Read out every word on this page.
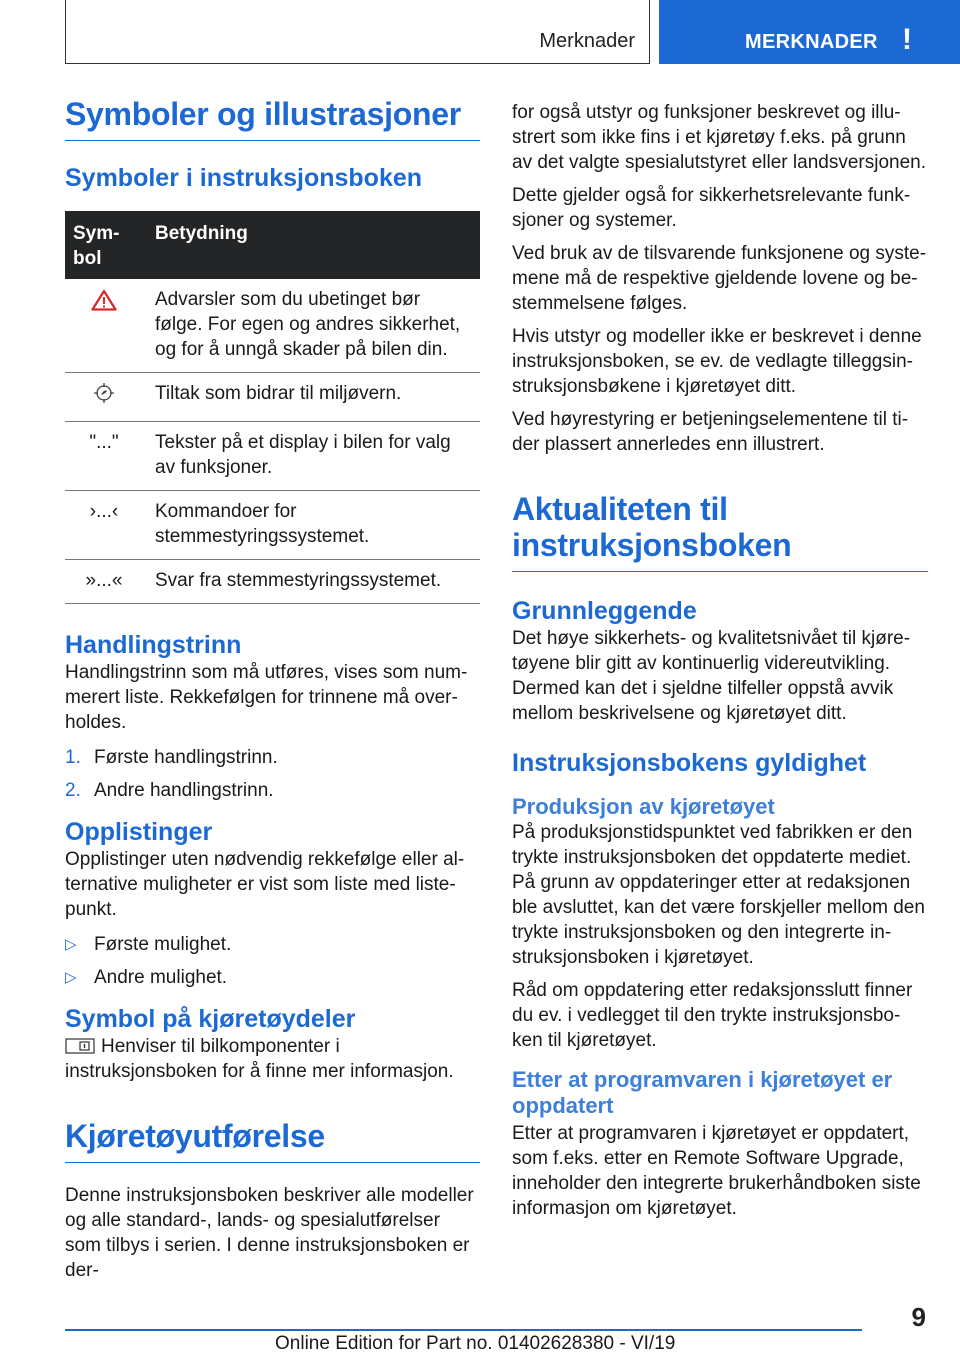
Merknader	MERKNADER !
Symboler og illustrasjoner
Symboler i instruksjonsboken
Sym-
bol	Betydning
	Advarsler som du ubetinget bør følge. For egen og andres sikkerhet, og for å unngå skader på bilen din.
	Tiltak som bidrar til miljøvern.
"..."	Tekster på et display i bilen for valg av funksjoner.
›...‹	Kommandoer for stemmestyringssystemet.
»...«	Svar fra stemmestyringssystemet.
Handlingstrinn

Handlingstrinn som må utføres, vises som num-merert liste. Rekkefølgen for trinnene må over-holdes.

1. Første handlingstrinn.
2. Andre handlingstrinn.
Opplistinger

Opplistinger uten nødvendig rekkefølge eller al-ternative muligheter er vist som liste med liste-punkt.

▷ Første mulighet.
▷ Andre mulighet.
Symbol på kjøretøydeler

Henviser til bilkomponenter i instruksjonsboken for å finne mer informasjon.

Kjøretøyutførelse

Denne instruksjonsboken beskriver alle modeller og alle standard-, lands- og spesialutførelser som tilbys i serien. I denne instruksjonsboken er der-

for også utstyr og funksjoner beskrevet og illu-strert som ikke fins i et kjøretøy f.eks. på grunn av det valgte spesialutstyret eller landsversjonen.

Dette gjelder også for sikkerhetsrelevante funk-sjoner og systemer.

Ved bruk av de tilsvarende funksjonene og syste-mene må de respektive gjeldende lovene og be-stemmelsene følges.

Hvis utstyr og modeller ikke er beskrevet i denne instruksjonsboken, se ev. de vedlagte tilleggsin-struksjonsbøkene i kjøretøyet ditt.

Ved høyrestyring er betjeningselementene til ti-der plassert annerledes enn illustrert.

Aktualiteten til instruksjonsboken
Grunnleggende

Det høye sikkerhets- og kvalitetsnivået til kjøre-tøyene blir gitt av kontinuerlig videreutvikling. Dermed kan det i sjeldne tilfeller oppstå avvik mellom beskrivelsene og kjøretøyet ditt.

Instruksjonsbokens gyldighet
Produksjon av kjøretøyet

På produksjonstidspunktet ved fabrikken er den trykte instruksjonsboken det oppdaterte mediet. På grunn av oppdateringer etter at redaksjonen ble avsluttet, kan det være forskjeller mellom den trykte instruksjonsboken og den integrerte in-struksjonsboken i kjøretøyet.

Råd om oppdatering etter redaksjonsslutt finner du ev. i vedlegget til den trykte instruksjonsbo-ken til kjøretøyet.

Etter at programvaren i kjøretøyet er oppdatert

Etter at programvaren i kjøretøyet er oppdatert, som f.eks. etter en Remote Software Upgrade, inneholder den integrerte brukerhåndboken siste informasjon om kjøretøyet.

9
Online Edition for Part no. 01402628380 - VI/19
